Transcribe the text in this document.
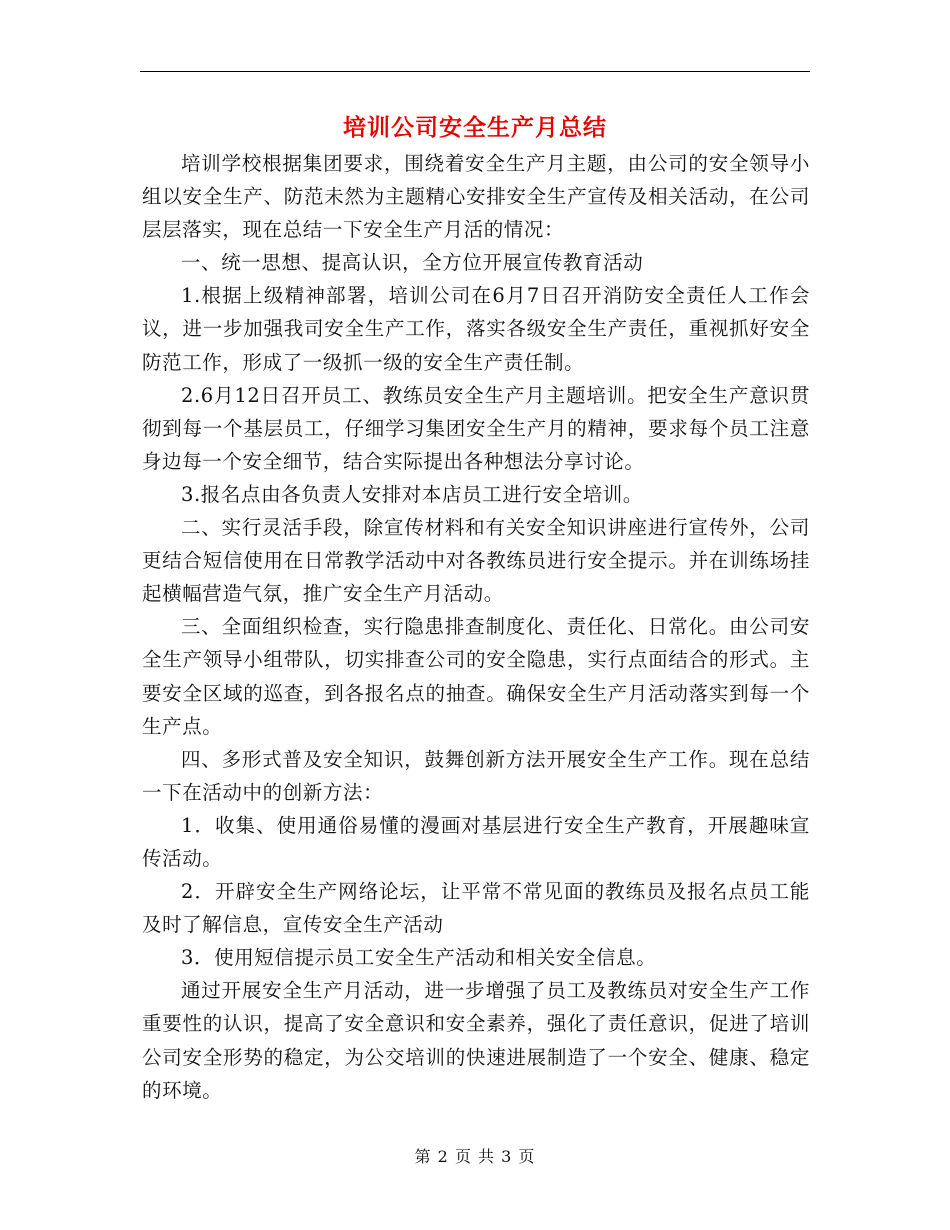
培训公司安全生产月总结

培训学校根据集团要求，围绕着安全生产月主题，由公司的安全领导小组以安全生产、防范未然为主题精心安排安全生产宣传及相关活动，在公司层层落实，现在总结一下安全生产月活的情况：

一、统一思想、提高认识，全方位开展宣传教育活动

1.根据上级精神部署，培训公司在6月7日召开消防安全责任人工作会议，进一步加强我司安全生产工作，落实各级安全生产责任，重视抓好安全防范工作，形成了一级抓一级的安全生产责任制。

2.6月12日召开员工、教练员安全生产月主题培训。把安全生产意识贯彻到每一个基层员工，仔细学习集团安全生产月的精神，要求每个员工注意身边每一个安全细节，结合实际提出各种想法分享讨论。

3.报名点由各负责人安排对本店员工进行安全培训。

二、实行灵活手段，除宣传材料和有关安全知识讲座进行宣传外，公司更结合短信使用在日常教学活动中对各教练员进行安全提示。并在训练场挂起横幅营造气氛，推广安全生产月活动。

三、全面组织检查，实行隐患排查制度化、责任化、日常化。由公司安全生产领导小组带队，切实排查公司的安全隐患，实行点面结合的形式。主要安全区域的巡查，到各报名点的抽查。确保安全生产月活动落实到每一个生产点。

四、多形式普及安全知识，鼓舞创新方法开展安全生产工作。现在总结一下在活动中的创新方法：

1．收集、使用通俗易懂的漫画对基层进行安全生产教育，开展趣味宣传活动。

2．开辟安全生产网络论坛，让平常不常见面的教练员及报名点员工能及时了解信息，宣传安全生产活动

3．使用短信提示员工安全生产活动和相关安全信息。

通过开展安全生产月活动，进一步增强了员工及教练员对安全生产工作重要性的认识，提高了安全意识和安全素养，强化了责任意识，促进了培训公司安全形势的稳定，为公交培训的快速进展制造了一个安全、健康、稳定的环境。

第 2 页 共 3 页
